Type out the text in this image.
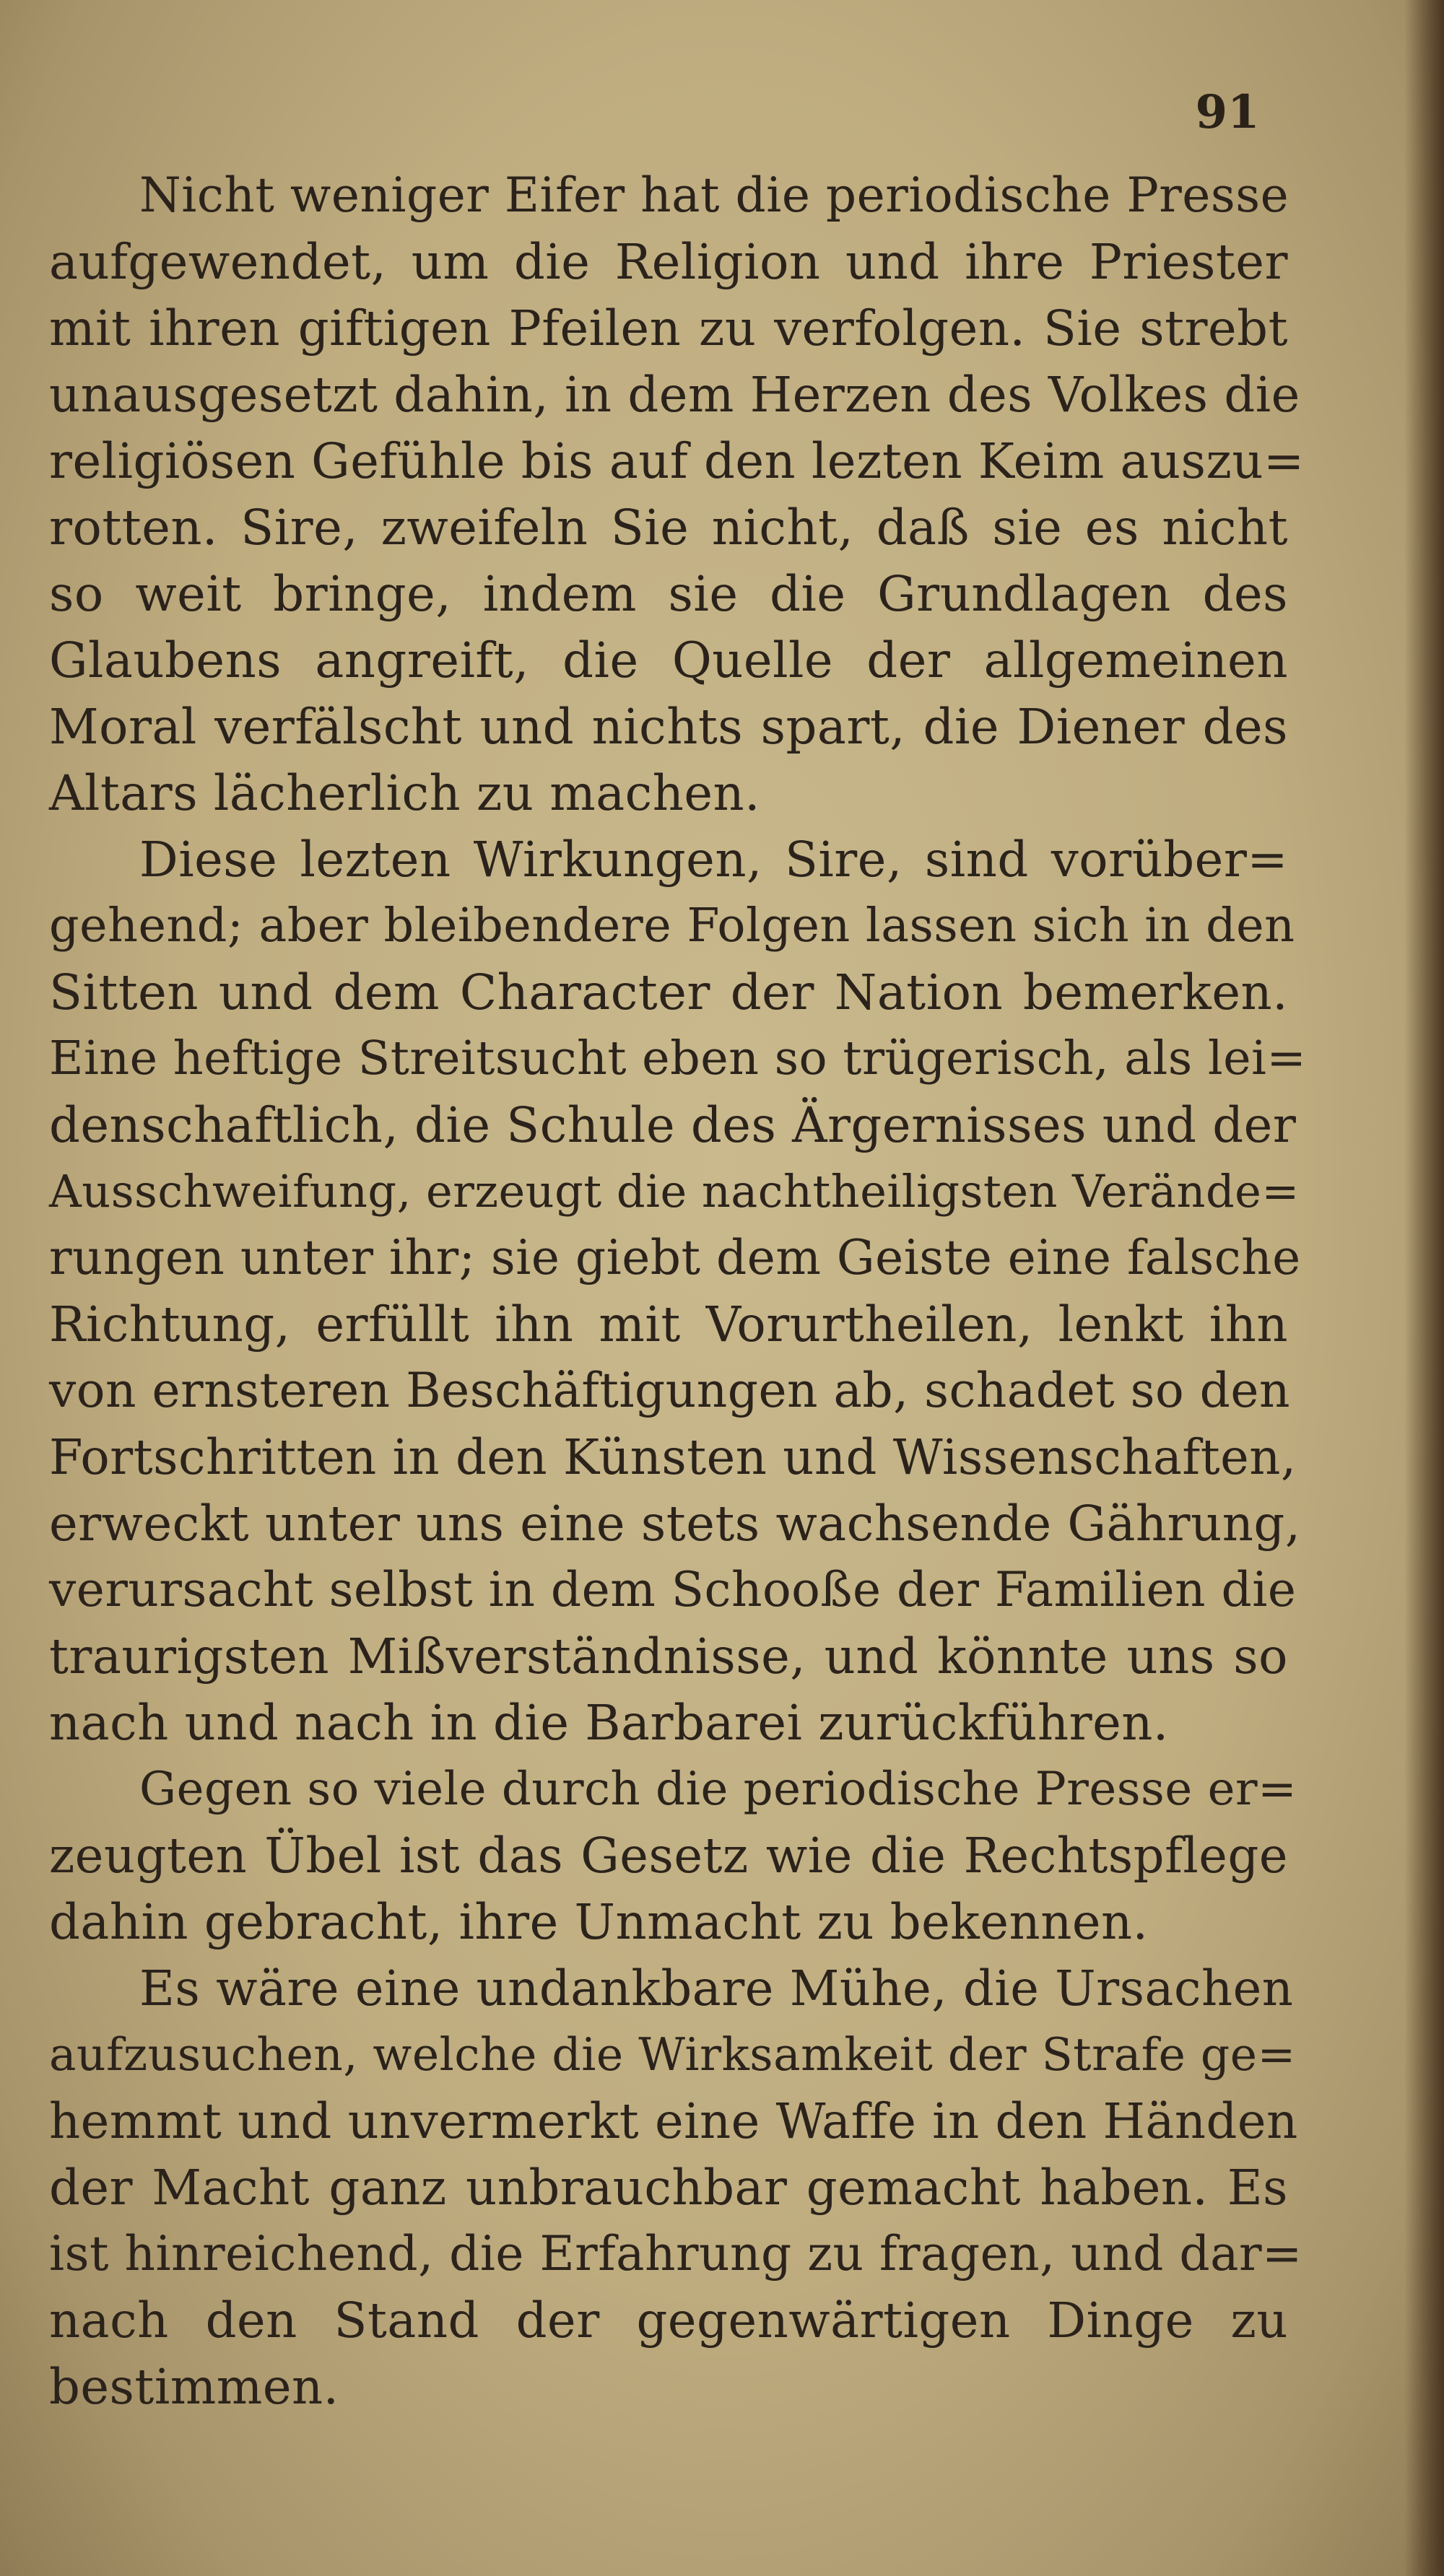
91
Nicht weniger Eifer hat die periodische Presse
aufgewendet, um die Religion und ihre Priester
mit ihren giftigen Pfeilen zu verfolgen. Sie strebt
unausgesetzt dahin, in dem Herzen des Volkes die
religiösen Gefühle bis auf den lezten Keim auszu=
rotten. Sire, zweifeln Sie nicht, daß sie es nicht
so weit bringe, indem sie die Grundlagen des
Glaubens angreift, die Quelle der allgemeinen
Moral verfälscht und nichts spart, die Diener des
Altars lächerlich zu machen.
Diese lezten Wirkungen, Sire, sind vorüber=
gehend; aber bleibendere Folgen lassen sich in den
Sitten und dem Character der Nation bemerken.
Eine heftige Streitsucht eben so trügerisch, als lei=
denschaftlich, die Schule des Ärgernisses und der
Ausschweifung, erzeugt die nachtheiligsten Verände=
rungen unter ihr; sie giebt dem Geiste eine falsche
Richtung, erfüllt ihn mit Vorurtheilen, lenkt ihn
von ernsteren Beschäftigungen ab, schadet so den
Fortschritten in den Künsten und Wissenschaften,
erweckt unter uns eine stets wachsende Gährung,
verursacht selbst in dem Schooße der Familien die
traurigsten Mißverständnisse, und könnte uns so
nach und nach in die Barbarei zurückführen.
Gegen so viele durch die periodische Presse er=
zeugten Übel ist das Gesetz wie die Rechtspflege
dahin gebracht, ihre Unmacht zu bekennen.
Es wäre eine undankbare Mühe, die Ursachen
aufzusuchen, welche die Wirksamkeit der Strafe ge=
hemmt und unvermerkt eine Waffe in den Händen
der Macht ganz unbrauchbar gemacht haben. Es
ist hinreichend, die Erfahrung zu fragen, und dar=
nach den Stand der gegenwärtigen Dinge zu
bestimmen.
